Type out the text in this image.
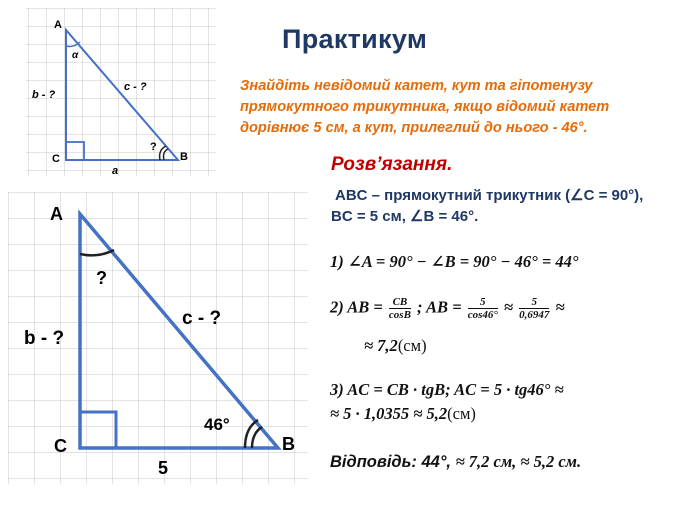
A
B
C
α
c - ?
b - ?
a
?
A
B
C
?
c - ?
b - ?
5
46°
Практикум
Знайдіть невідомий катет, кут та гіпотенузу прямокутного трикутника, якщо відомий катет дорівнює 5 см, а кут, прилеглий до нього - 46°.
Розв’язання.
ABC – прямокутний трикутник (∠C = 90°),
BC = 5 см, ∠B = 46°.
1) ∠A = 90° − ∠B = 90° − 46° = 44°
2) AB = $\frac{CB}{\cos B}$ ; AB = $\frac{5}{\cos 46^\circ} \approx \frac{5}{0,6947}$ ≈
≈ 7,2(см)
3) AC = CB · tgB; AC = 5 · tg46° ≈
≈ 5 · 1,0355 ≈ 5,2(см)
Відповідь: 44°, ≈ 7,2 см, ≈ 5,2 см.
